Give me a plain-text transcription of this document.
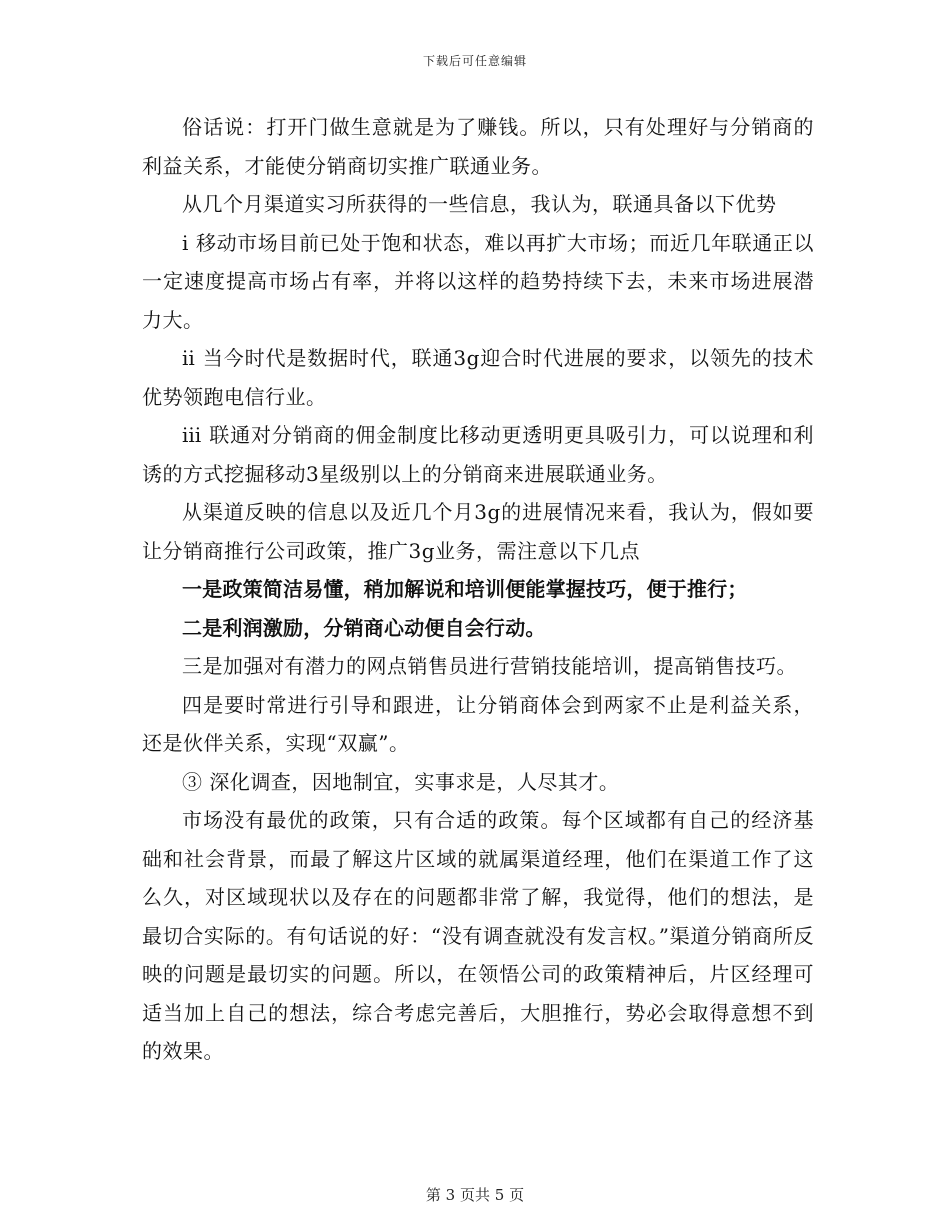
下载后可任意编辑

俗话说：打开门做生意就是为了赚钱。所以，只有处理好与分销商的利益关系，才能使分销商切实推广联通业务。

从几个月渠道实习所获得的一些信息，我认为，联通具备以下优势

ⅰ 移动市场目前已处于饱和状态，难以再扩大市场；而近几年联通正以一定速度提高市场占有率，并将以这样的趋势持续下去，未来市场进展潜力大。

ⅱ 当今时代是数据时代，联通3g迎合时代进展的要求，以领先的技术优势领跑电信行业。

ⅲ 联通对分销商的佣金制度比移动更透明更具吸引力，可以说理和利诱的方式挖掘移动3星级别以上的分销商来进展联通业务。

从渠道反映的信息以及近几个月3g的进展情况来看，我认为，假如要让分销商推行公司政策，推广3g业务，需注意以下几点

一是政策简洁易懂，稍加解说和培训便能掌握技巧，便于推行；

二是利润激励，分销商心动便自会行动。

三是加强对有潜力的网点销售员进行营销技能培训，提高销售技巧。

四是要时常进行引导和跟进，让分销商体会到两家不止是利益关系，还是伙伴关系，实现“双赢”。

③ 深化调查，因地制宜，实事求是，人尽其才。

市场没有最优的政策，只有合适的政策。每个区域都有自己的经济基础和社会背景，而最了解这片区域的就属渠道经理，他们在渠道工作了这么久，对区域现状以及存在的问题都非常了解，我觉得，他们的想法，是最切合实际的。有句话说的好：“没有调查就没有发言权。”渠道分销商所反映的问题是最切实的问题。所以，在领悟公司的政策精神后，片区经理可适当加上自己的想法，综合考虑完善后，大胆推行，势必会取得意想不到的效果。

第 3 页共 5 页
